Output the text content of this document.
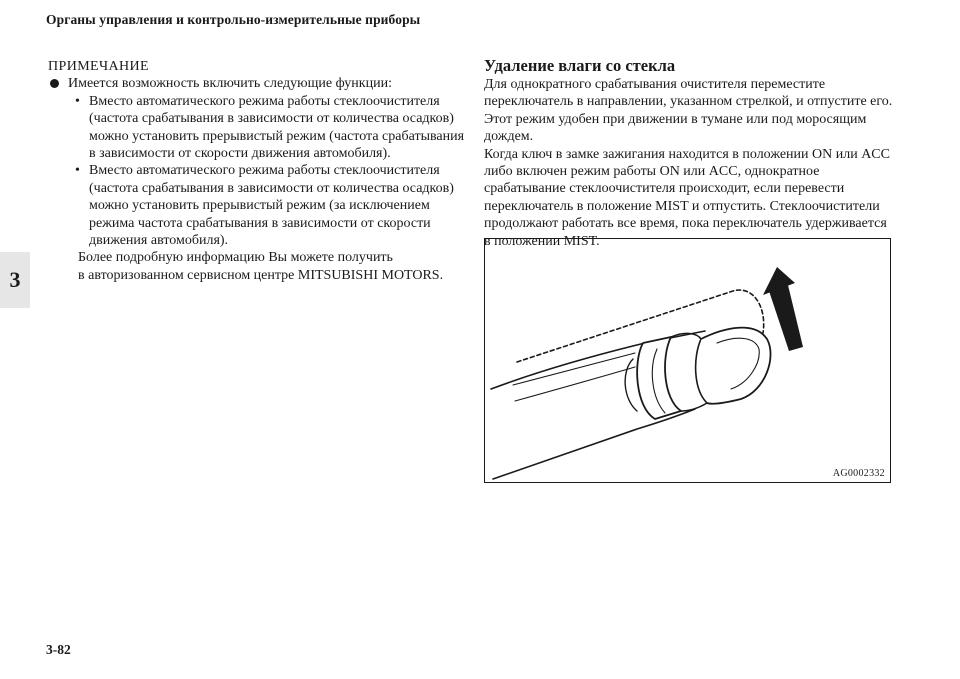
Органы управления и контрольно-измерительные приборы
3
ПРИМЕЧАНИЕ
Имеется возможность включить следующие функции:
• Вместо автоматического режима работы стеклоочистителя
(частота срабатывания в зависимости от количества осадков)
можно установить прерывистый режим (частота срабатывания
в зависимости от скорости движения автомобиля).
• Вместо автоматического режима работы стеклоочистителя
(частота срабатывания в зависимости от количества осадков)
можно установить прерывистый режим (за исключением
режима частота срабатывания в зависимости от скорости
движения автомобиля).
Более подробную информацию Вы можете получить
в авторизованном сервисном центре MITSUBISHI MOTORS.
Удаление влаги со стекла
Для однократного срабатывания очистителя переместите
переключатель в направлении, указанном стрелкой, и отпустите его.
Этот режим удобен при движении в тумане или под моросящим
дождем.
Когда ключ в замке зажигания находится в положении ON или ACC
либо включен режим работы ON или ACC, однократное
срабатывание стеклоочистителя происходит, если перевести
переключатель в положение MIST и отпустить. Стеклоочистители
продолжают работать все время, пока переключатель удерживается
в положении MIST.
AG0002332
3-82
